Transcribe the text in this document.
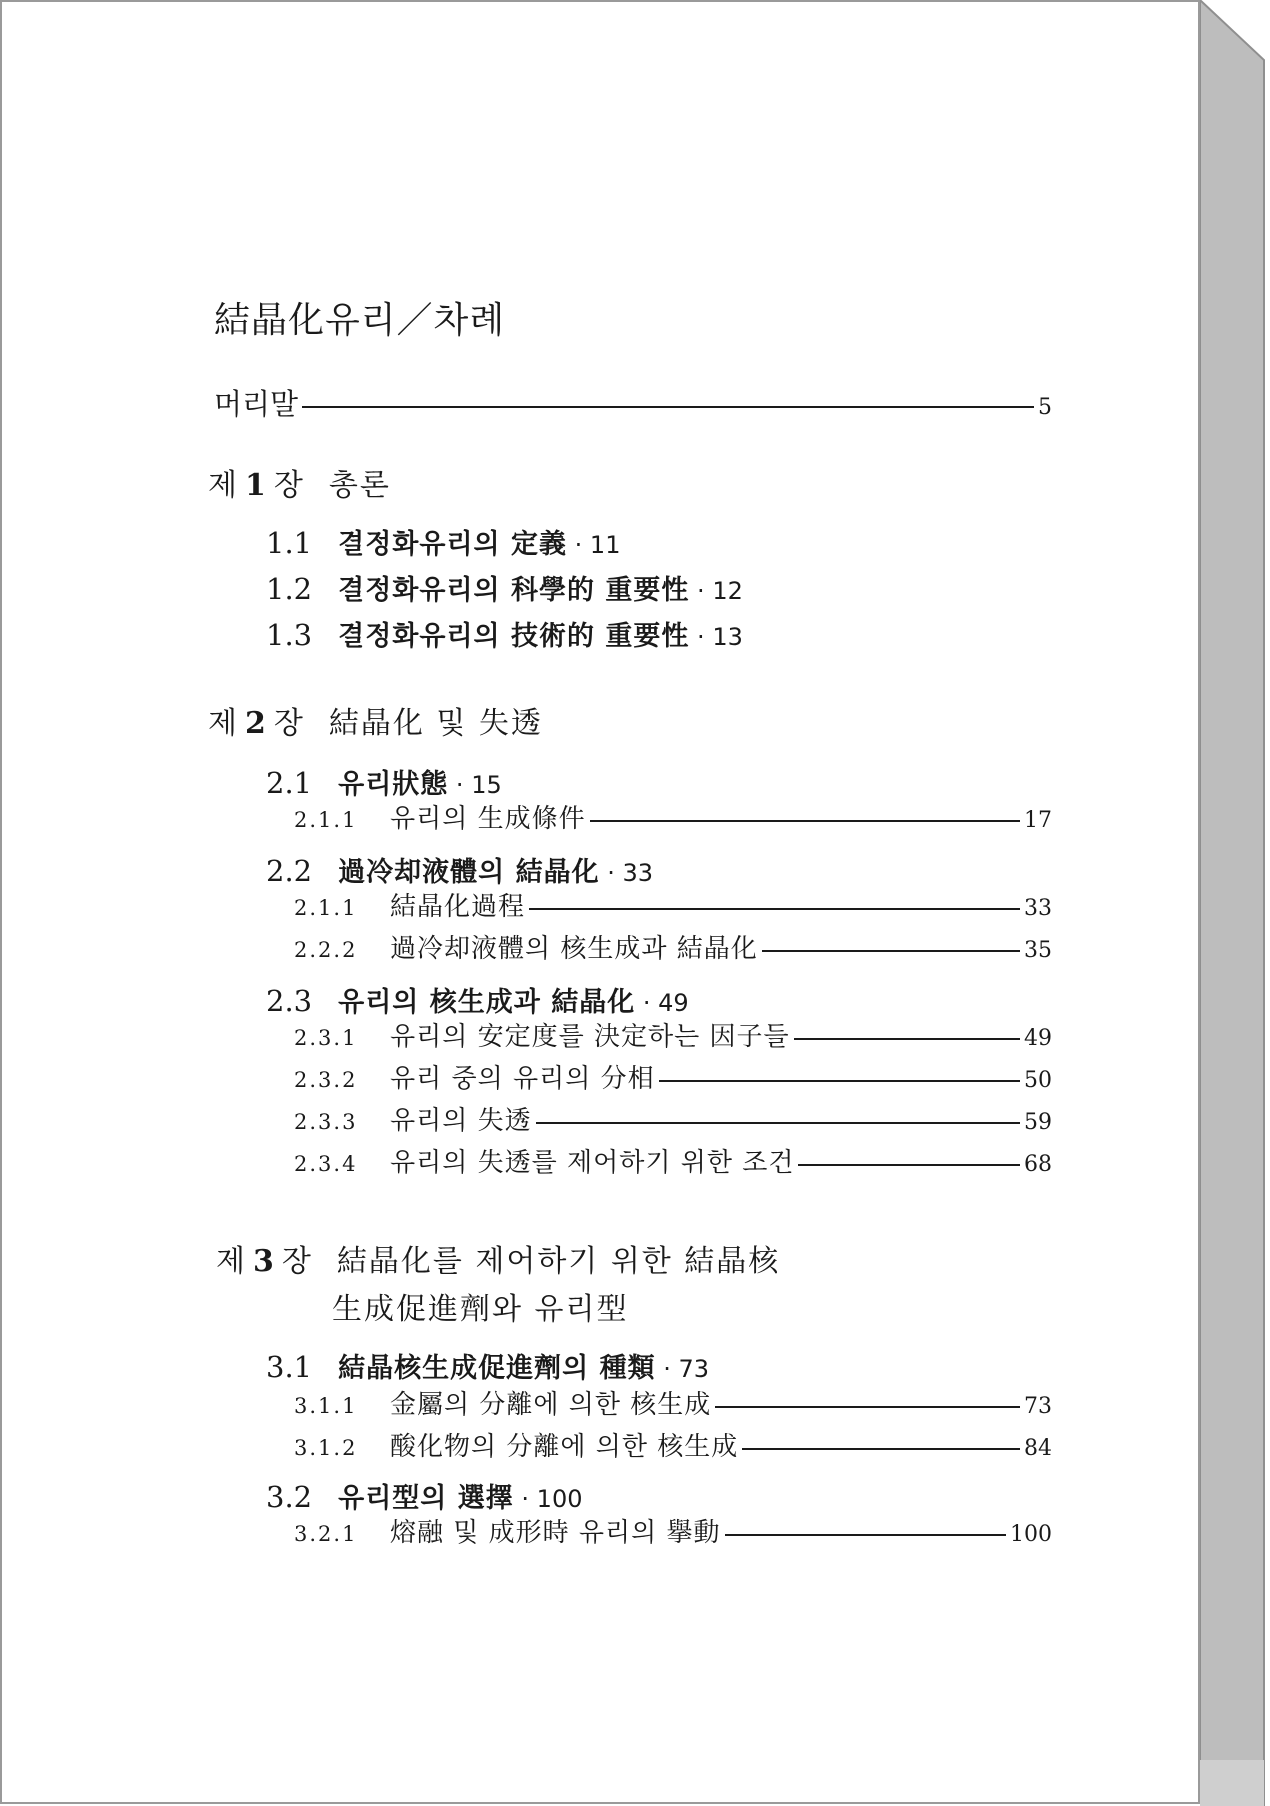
結晶化유리／차례
머리말	5
제 1 장 총론
1.1 결정화유리의 定義 · 11
1.2 결정화유리의 科學的 重要性 · 12
1.3 결정화유리의 技術的 重要性 · 13
제 2 장 結晶化 및 失透
2.1 유리狀態 · 15
2.1.1 유리의 生成條件	17
2.2 過冷却液體의 結晶化 · 33
2.1.1 結晶化過程	33
2.2.2 過冷却液體의 核生成과 結晶化	35
2.3 유리의 核生成과 結晶化 · 49
2.3.1 유리의 安定度를 決定하는 因子들	49
2.3.2 유리 중의 유리의 分相	50
2.3.3 유리의 失透	59
2.3.4 유리의 失透를 제어하기 위한 조건	68
제 3 장 結晶化를 제어하기 위한 結晶核
生成促進劑와 유리型
3.1 結晶核生成促進劑의 種類 · 73
3.1.1 金屬의 分離에 의한 核生成	73
3.1.2 酸化物의 分離에 의한 核生成	84
3.2 유리型의 選擇 · 100
3.2.1 熔融 및 成形時 유리의 擧動	100
